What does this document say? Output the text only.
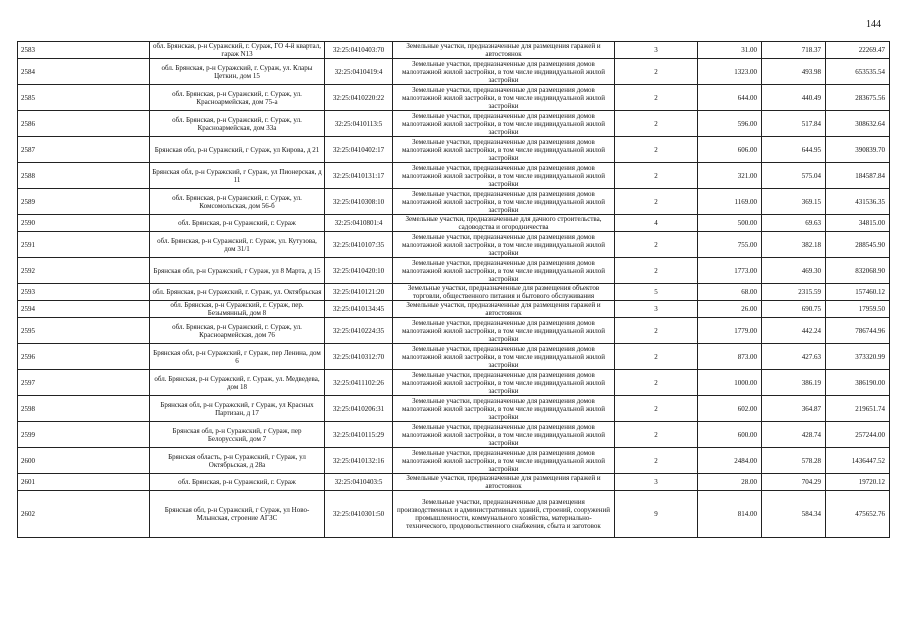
144
2583	обл. Брянская, р-н Суражский, г. Сураж, ГО 4-й квартал, гараж N13	32:25:0410403:70	Земельные участки, предназначенные для размещения гаражей и автостоянок	3	31.00	718.37	22269.47
2584	обл. Брянская, р-н Суражский, г. Сураж, ул. Клары Цеткин, дом 15	32:25:0410419:4	Земельные участки, предназначенные для размещения домов малоэтажной жилой застройки, в том числе индивидуальной жилой застройки	2	1323.00	493.98	653535.54
2585	обл. Брянская, р-н Суражский, г. Сураж, ул. Красноармейская, дом 75-а	32:25:0410220:22	Земельные участки, предназначенные для размещения домов малоэтажной жилой застройки, в том числе индивидуальной жилой застройки	2	644.00	440.49	283675.56
2586	обл. Брянская, р-н Суражский, г. Сураж, ул. Красноармейская, дом 33а	32:25:0410113:5	Земельные участки, предназначенные для размещения домов малоэтажной жилой застройки, в том числе индивидуальной жилой застройки	2	596.00	517.84	308632.64
2587	Брянская обл, р-н Суражский, г Сураж, ул Кирова, д 21	32:25:0410402:17	Земельные участки, предназначенные для размещения домов малоэтажной жилой застройки, в том числе индивидуальной жилой застройки	2	606.00	644.95	390839.70
2588	Брянская обл, р-н Суражский, г Сураж, ул Пионерская, д 11	32:25:0410131:17	Земельные участки, предназначенные для размещения домов малоэтажной жилой застройки, в том числе индивидуальной жилой застройки	2	321.00	575.04	184587.84
2589	обл. Брянская, р-н Суражский, г. Сураж, ул. Комсомольская, дом 56-б	32:25:0410308:10	Земельные участки, предназначенные для размещения домов малоэтажной жилой застройки, в том числе индивидуальной жилой застройки	2	1169.00	369.15	431536.35
2590	обл. Брянская, р-н Суражский, г. Сураж	32:25:0410801:4	Земельные участки, предназначенные для дачного строительства, садоводства и огородничества	4	500.00	69.63	34815.00
2591	обл. Брянская, р-н Суражский, г. Сураж, ул. Кутузова, дом 31/1	32:25:0410107:35	Земельные участки, предназначенные для размещения домов малоэтажной жилой застройки, в том числе индивидуальной жилой застройки	2	755.00	382.18	288545.90
2592	Брянская обл, р-н Суражский, г Сураж, ул 8 Марта, д 15	32:25:0410420:10	Земельные участки, предназначенные для размещения домов малоэтажной жилой застройки, в том числе индивидуальной жилой застройки	2	1773.00	469.30	832068.90
2593	обл. Брянская, р-н Суражский, г. Сураж, ул. Октябрьская	32:25:0410121:20	Земельные участки, предназначенные для размещения объектов торговли, общественного питания и бытового обслуживания	5	68.00	2315.59	157460.12
2594	обл. Брянская, р-н Суражский, г. Сураж, пер. Безымянный, дом 8	32:25:0410134:45	Земельные участки, предназначенные для размещения гаражей и автостоянок	3	26.00	690.75	17959.50
2595	обл. Брянская, р-н Суражский, г. Сураж, ул. Красноармейская, дом 76	32:25:0410224:35	Земельные участки, предназначенные для размещения домов малоэтажной жилой застройки, в том числе индивидуальной жилой застройки	2	1779.00	442.24	786744.96
2596	Брянская обл, р-н Суражский, г Сураж, пер Ленина, дом 6	32:25:0410312:70	Земельные участки, предназначенные для размещения домов малоэтажной жилой застройки, в том числе индивидуальной жилой застройки	2	873.00	427.63	373320.99
2597	обл. Брянская, р-н Суражский, г. Сураж, ул. Медведева, дом 18	32:25:0411102:26	Земельные участки, предназначенные для размещения домов малоэтажной жилой застройки, в том числе индивидуальной жилой застройки	2	1000.00	386.19	386190.00
2598	Брянская обл, р-н Суражский, г Сураж, ул Красных Партизан, д 17	32:25:0410206:31	Земельные участки, предназначенные для размещения домов малоэтажной жилой застройки, в том числе индивидуальной жилой застройки	2	602.00	364.87	219651.74
2599	Брянская обл, р-н Суражский, г Сураж, пер Белорусский, дом 7	32:25:0410115:29	Земельные участки, предназначенные для размещения домов малоэтажной жилой застройки, в том числе индивидуальной жилой застройки	2	600.00	428.74	257244.00
2600	Брянская область, р-н Суражский, г Сураж, ул Октябрьская, д 28а	32:25:0410132:16	Земельные участки, предназначенные для размещения домов малоэтажной жилой застройки, в том числе индивидуальной жилой застройки	2	2484.00	578.28	1436447.52
2601	обл. Брянская, р-н Суражский, г. Сураж	32:25:0410403:5	Земельные участки, предназначенные для размещения гаражей и автостоянок	3	28.00	704.29	19720.12
2602	Брянская обл, р-н Суражский, г Сураж, ул Ново-Млынская, строение АГЗС	32:25:0410301:50	Земельные участки, предназначенные для размещения производственных и административных зданий, строений, сооружений промышленности, коммунального хозяйства, материально-технического, продовольственного снабжения, сбыта и заготовок	9	814.00	584.34	475652.76
